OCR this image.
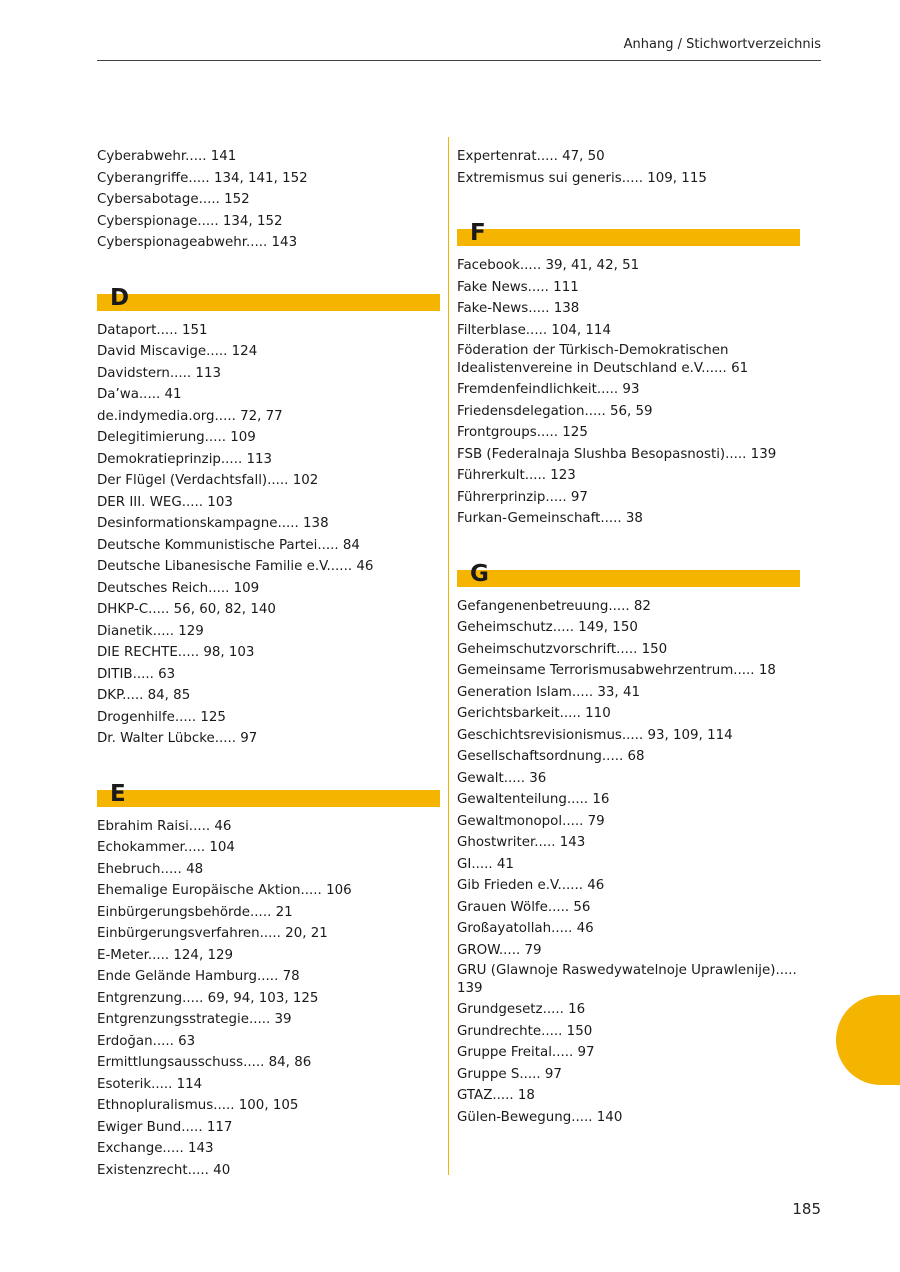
Anhang / Stichwortverzeichnis
Cyberabwehr..... 141
Cyberangriffe..... 134, 141, 152
Cybersabotage..... 152
Cyberspionage..... 134, 152
Cyberspionageabwehr..... 143
D
Dataport..... 151
David Miscavige..... 124
Davidstern..... 113
Da’wa..... 41
de.indymedia.org..... 72, 77
Delegitimierung..... 109
Demokratieprinzip..... 113
Der Flügel (Verdachtsfall)..... 102
DER III. WEG..... 103
Desinformationskampagne..... 138
Deutsche Kommunistische Partei..... 84
Deutsche Libanesische Familie e.V...... 46
Deutsches Reich..... 109
DHKP-C..... 56, 60, 82, 140
Dianetik..... 129
DIE RECHTE..... 98, 103
DITIB..... 63
DKP..... 84, 85
Drogenhilfe..... 125
Dr. Walter Lübcke..... 97
E
Ebrahim Raisi..... 46
Echokammer..... 104
Ehebruch..... 48
Ehemalige Europäische Aktion..... 106
Einbürgerungsbehörde..... 21
Einbürgerungsverfahren..... 20, 21
E-Meter..... 124, 129
Ende Gelände Hamburg..... 78
Entgrenzung..... 69, 94, 103, 125
Entgrenzungsstrategie..... 39
Erdoğan..... 63
Ermittlungsausschuss..... 84, 86
Esoterik..... 114
Ethnopluralismus..... 100, 105
Ewiger Bund..... 117
Exchange..... 143
Existenzrecht..... 40
Expertenrat..... 47, 50
Extremismus sui generis..... 109, 115
F
Facebook..... 39, 41, 42, 51
Fake News..... 111
Fake-News..... 138
Filterblase..... 104, 114
Föderation der Türkisch-Demokratischen Idealistenvereine in Deutschland e.V...... 61
Fremdenfeindlichkeit..... 93
Friedensdelegation..... 56, 59
Frontgroups..... 125
FSB (Federalnaja Slushba Besopasnosti)..... 139
Führerkult..... 123
Führerprinzip..... 97
Furkan-Gemeinschaft..... 38
G
Gefangenenbetreuung..... 82
Geheimschutz..... 149, 150
Geheimschutzvorschrift..... 150
Gemeinsame Terrorismusabwehrzentrum..... 18
Generation Islam..... 33, 41
Gerichtsbarkeit..... 110
Geschichtsrevisionismus..... 93, 109, 114
Gesellschaftsordnung..... 68
Gewalt..... 36
Gewaltenteilung..... 16
Gewaltmonopol..... 79
Ghostwriter..... 143
GI..... 41
Gib Frieden e.V...... 46
Grauen Wölfe..... 56
Großayatollah..... 46
GROW..... 79
GRU (Glawnoje Raswedywatelnoje Uprawlenije)..... 139
Grundgesetz..... 16
Grundrechte..... 150
Gruppe Freital..... 97
Gruppe S..... 97
GTAZ..... 18
Gülen-Bewegung..... 140
185
